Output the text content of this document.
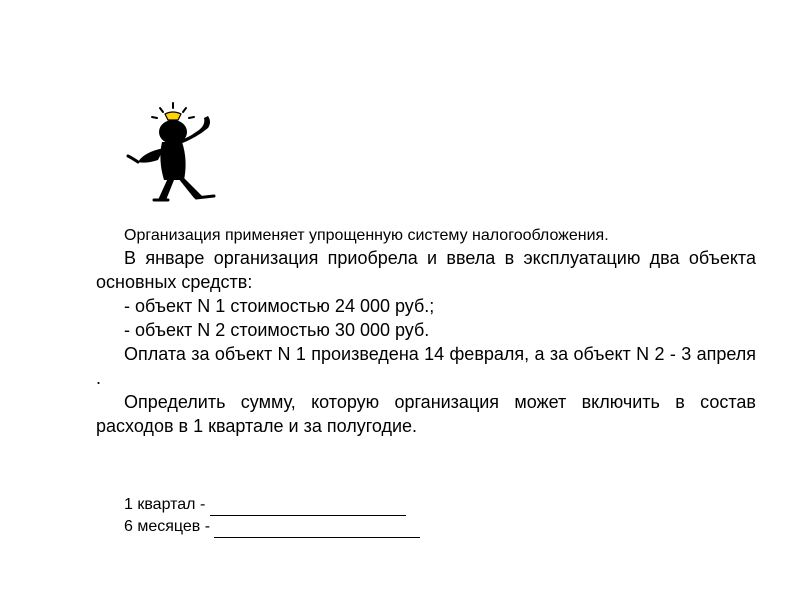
Организация применяет упрощенную систему налогообложения.

В январе организация приобрела и ввела в эксплуатацию два объекта основных средств:

- объект N 1 стоимостью 24 000 руб.;

- объект N 2 стоимостью 30 000 руб.

Оплата за объект N 1 произведена 14 февраля, а за объект N 2 - 3 апреля .

Определить сумму, которую организация может включить в состав расходов в 1 квартале и за полугодие.

1 квартал -
6 месяцев -
